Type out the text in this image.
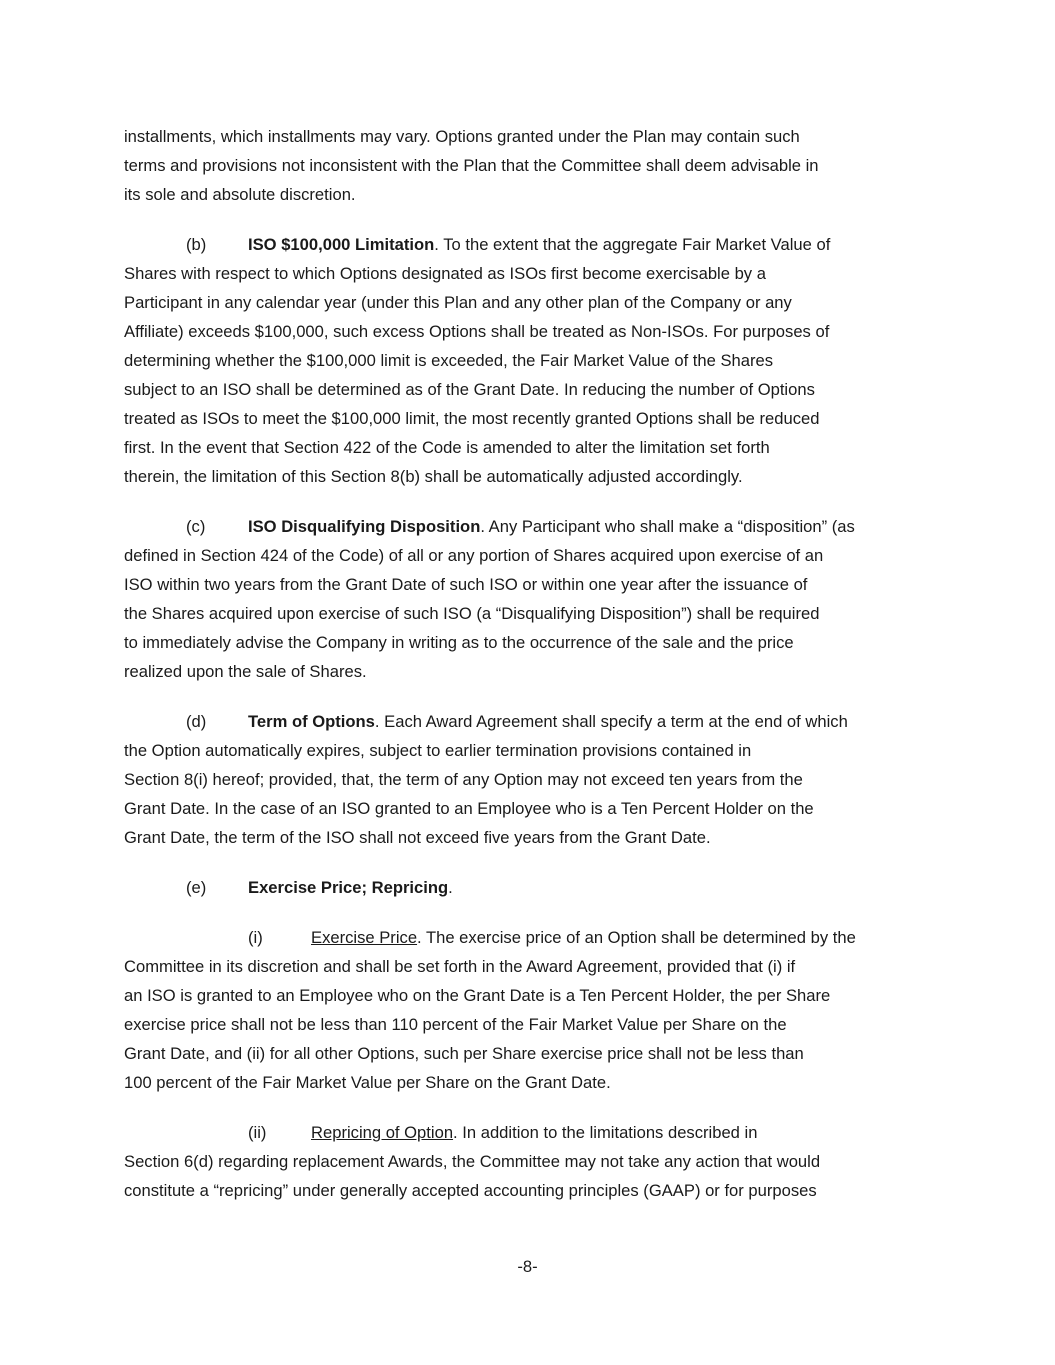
installments, which installments may vary. Options granted under the Plan may contain such
terms and provisions not inconsistent with the Plan that the Committee shall deem advisable in
its sole and absolute discretion.
(b)	ISO $100,000 Limitation. To the extent that the aggregate Fair Market Value of
Shares with respect to which Options designated as ISOs first become exercisable by a
Participant in any calendar year (under this Plan and any other plan of the Company or any
Affiliate) exceeds $100,000, such excess Options shall be treated as Non-ISOs. For purposes of
determining whether the $100,000 limit is exceeded, the Fair Market Value of the Shares
subject to an ISO shall be determined as of the Grant Date. In reducing the number of Options
treated as ISOs to meet the $100,000 limit, the most recently granted Options shall be reduced
first. In the event that Section 422 of the Code is amended to alter the limitation set forth
therein, the limitation of this Section 8(b) shall be automatically adjusted accordingly.
(c)	ISO Disqualifying Disposition. Any Participant who shall make a “disposition” (as
defined in Section 424 of the Code) of all or any portion of Shares acquired upon exercise of an
ISO within two years from the Grant Date of such ISO or within one year after the issuance of
the Shares acquired upon exercise of such ISO (a “Disqualifying Disposition”) shall be required
to immediately advise the Company in writing as to the occurrence of the sale and the price
realized upon the sale of Shares.
(d)	Term of Options. Each Award Agreement shall specify a term at the end of which
the Option automatically expires, subject to earlier termination provisions contained in
Section 8(i) hereof; provided, that, the term of any Option may not exceed ten years from the
Grant Date. In the case of an ISO granted to an Employee who is a Ten Percent Holder on the
Grant Date, the term of the ISO shall not exceed five years from the Grant Date.
(e)	Exercise Price; Repricing.
(i)	Exercise Price. The exercise price of an Option shall be determined by the
Committee in its discretion and shall be set forth in the Award Agreement, provided that (i) if
an ISO is granted to an Employee who on the Grant Date is a Ten Percent Holder, the per Share
exercise price shall not be less than 110 percent of the Fair Market Value per Share on the
Grant Date, and (ii) for all other Options, such per Share exercise price shall not be less than
100 percent of the Fair Market Value per Share on the Grant Date.
(ii)	Repricing of Option. In addition to the limitations described in
Section 6(d) regarding replacement Awards, the Committee may not take any action that would
constitute a “repricing” under generally accepted accounting principles (GAAP) or for purposes
-8-
